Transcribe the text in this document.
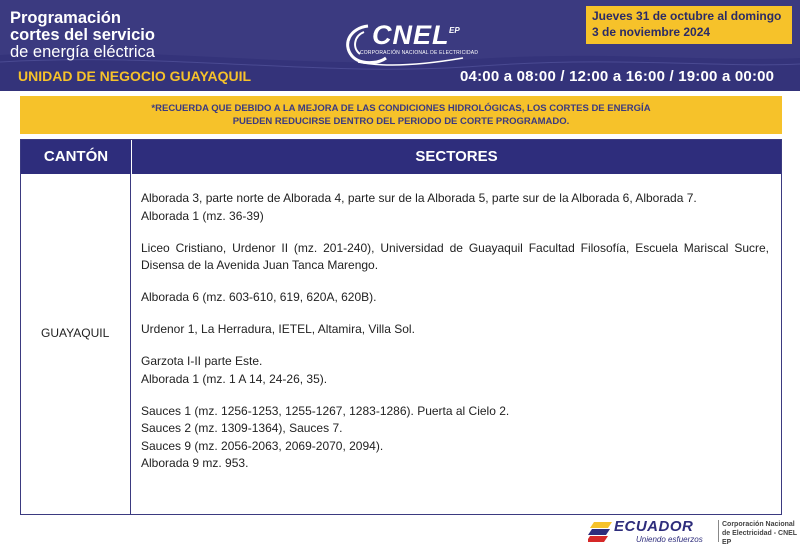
Programación
cortes del servicio
de energía eléctrica
UNIDAD DE NEGOCIO GUAYAQUIL
CNEL EP
CORPORACIÓN NACIONAL DE ELECTRICIDAD
Jueves 31 de octubre al domingo
3 de noviembre 2024
04:00 a 08:00 / 12:00 a 16:00 / 19:00 a 00:00
*RECUERDA QUE DEBIDO A LA MEJORA DE LAS CONDICIONES HIDROLÓGICAS, LOS CORTES DE ENERGÍA
PUEDEN REDUCIRSE DENTRO DEL PERIODO DE CORTE PROGRAMADO.
CANTÓN	SECTORES
GUAYAQUIL

Alborada 3, parte norte de Alborada 4, parte sur de la Alborada 5, parte sur de la Alborada 6, Alborada 7.
Alborada 1 (mz. 36-39)

Liceo Cristiano, Urdenor II (mz. 201-240), Universidad de Guayaquil Facultad Filosofía, Escuela Mariscal Sucre, Disensa de la Avenida Juan Tanca Marengo.

Alborada 6 (mz. 603-610, 619, 620A, 620B).

Urdenor 1, La Herradura, IETEL, Altamira, Villa Sol.

Garzota I-II parte Este.
Alborada 1 (mz. 1 A 14, 24-26, 35).

Sauces 1 (mz. 1256-1253, 1255-1267, 1283-1286). Puerta al Cielo 2.
Sauces 2 (mz. 1309-1364), Sauces 7.
Sauces 9 (mz. 2056-2063, 2069-2070, 2094).
Alborada 9 mz. 953.

ECUADOR
Uniendo esfuerzos
Corporación Nacional
de Electricidad - CNEL EP
